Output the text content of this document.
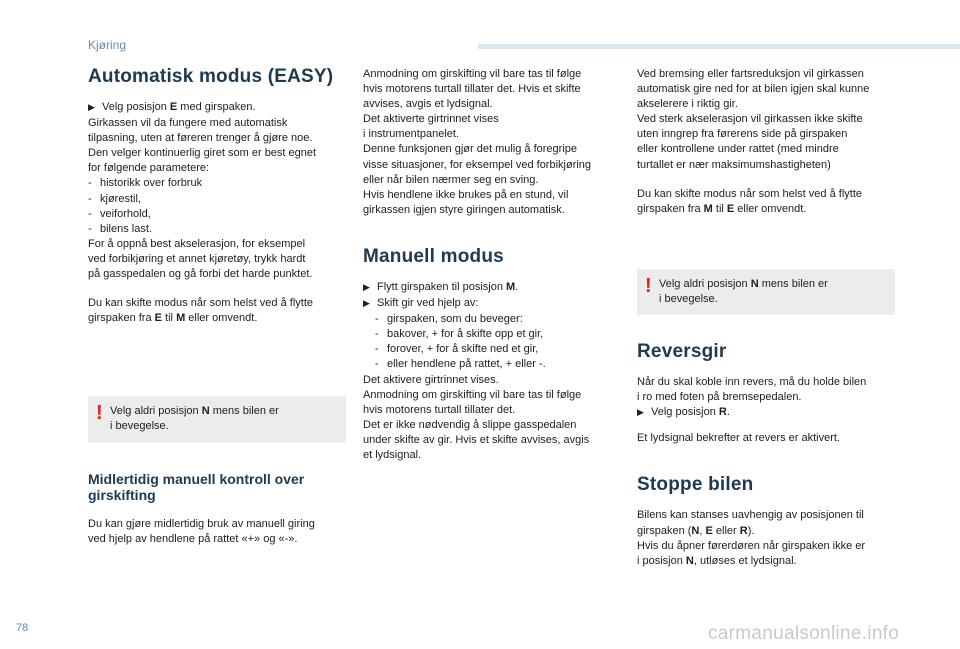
Kjøring
Automatisk modus (EASY)
▶ Velg posisjon E med girspaken.
Girkassen vil da fungere med automatisk
tilpasning, uten at føreren trenger å gjøre noe.
Den velger kontinuerlig giret som er best egnet
for følgende parametere:
- historikk over forbruk
- kjørestil,
- veiforhold,
- bilens last.
For å oppnå best akselerasjon, for eksempel
ved forbikjøring et annet kjøretøy, trykk hardt
på gasspedalen og gå forbi det harde punktet.
Du kan skifte modus når som helst ved å flytte
girspaken fra E til M eller omvendt.
! Velg aldri posisjon N mens bilen er
i bevegelse.
Midlertidig manuell kontroll over
girskifting
Du kan gjøre midlertidig bruk av manuell giring
ved hjelp av hendlene på rattet «+» og «-».
Anmodning om girskifting vil bare tas til følge
hvis motorens turtall tillater det. Hvis et skifte
avvises, avgis et lydsignal.
Det aktiverte girtrinnet vises
i instrumentpanelet.
Denne funksjonen gjør det mulig å foregripe
visse situasjoner, for eksempel ved forbikjøring
eller når bilen nærmer seg en sving.
Hvis hendlene ikke brukes på en stund, vil
girkassen igjen styre giringen automatisk.
Manuell modus
▶ Flytt girspaken til posisjon M.
▶ Skift gir ved hjelp av:
- girspaken, som du beveger:
- bakover, + for å skifte opp et gir,
- forover, + for å skifte ned et gir,
- eller hendlene på rattet, + eller -.
Det aktivere girtrinnet vises.
Anmodning om girskifting vil bare tas til følge
hvis motorens turtall tillater det.
Det er ikke nødvendig å slippe gasspedalen
under skifte av gir. Hvis et skifte avvises, avgis
et lydsignal.
Ved bremsing eller fartsreduksjon vil girkassen
automatisk gire ned for at bilen igjen skal kunne
akselerere i riktig gir.
Ved sterk akselerasjon vil girkassen ikke skifte
uten inngrep fra førerens side på girspaken
eller kontrollene under rattet (med mindre
turtallet er nær maksimumshastigheten)
Du kan skifte modus når som helst ved å flytte
girspaken fra M til E eller omvendt.
! Velg aldri posisjon N mens bilen er
i bevegelse.
Reversgir
Når du skal koble inn revers, må du holde bilen
i ro med foten på bremsepedalen.
▶ Velg posisjon R.
Et lydsignal bekrefter at revers er aktivert.
Stoppe bilen
Bilens kan stanses uavhengig av posisjonen til
girspaken (N, E eller R).
Hvis du åpner førerdøren når girspaken ikke er
i posisjon N, utløses et lydsignal.
78	carmanualsonline.info
